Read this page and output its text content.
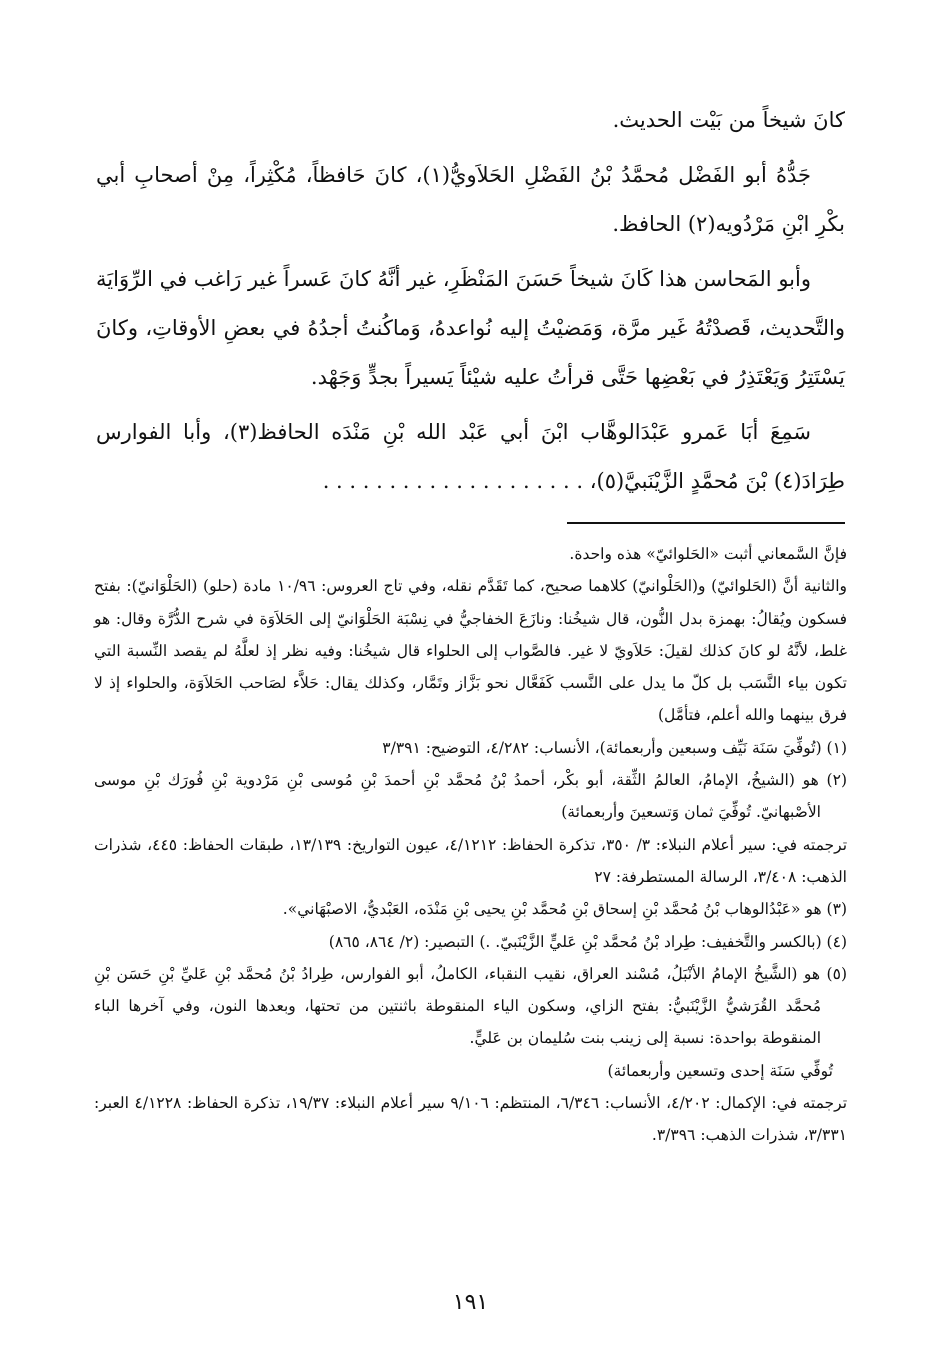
كانَ شيخاً من بَيْت الحديث.

جَدُّهُ أبو الفَضْل مُحمَّدُ بْنُ الفَضْلِ الحَلاَويُّ(١)، كانَ حَافظاً، مُكْثِراً، مِنْ أصحابِ أبي بكْرِ ابْنِ مَرْدُويه(٢) الحافظ.

وأبو المَحاسن هذا كَانَ شيخاً حَسَنَ المَنْظَرِ، غير أنَّهُ كانَ عَسراً غير رَاغب في الرِّوَايَة والتَّحديث، قَصدْتُهُ غَير مرَّة، وَمَضيْتُ إليه نُواعدهُ، وَماكُنتُ أجدُهُ في بعضِ الأوقاتِ، وكانَ يَسْتَتِرُ وَيَعْتَذِرُ في بَعْضِها حَتَّى قرأتُ عليه شيْئاً يَسيراً بجدٍّ وَجَهْد.

سَمِعَ أبَا عَمرو عَبْدَالوهَّاب ابْنَ أبي عَبْد الله بْنِ مَنْدَه الحافظ(٣)، وأبا الفوارس طِرَادَ(٤) بْنَ مُحمَّدٍ الزَّيْنَبيَّ(٥)، . . . . . . . . . . . . . . . . . . . .

فإنَّ السَّمعاني أثبت «الحَلوائيّ» هذه واحدة.

والثانية أنَّ (الحَلوائيّ) و(الحَلْوانيّ) كلاهما صحيح، كما تَقَدَّم نقله، وفي تاج العروس: ١٠/٩٦ مادة (حلو) (الحَلْوَانيّ): بفتح فسكون ويُقالُ: بهمزة بدل النُّون، قال شيخُنا: ونازَعَ الخفاجيُّ في نِسْبَة الحَلْوَانيّ إلى الحَلاَوَة في شرح الدُّرَّة وقال: هو غلط، لأنَّهُ لو كانَ كذلك لقيلَ: حَلاَويّ لا غير. فالصَّواب إلى الحلواء قال شيخُنا: وفيه نظر إذ لعلَّهُ لم يقصد النِّسبة التي تكون بياء النَّسَب بل كلّ ما يدل على النَّسب كَفَعَّال نحو بَزَّاز وتَمَّار، وكذلك يقال: حَلاَّء لصَاحب الحَلاَوَة، والحلواء إذ لا فرق بينهما والله أعلم، فتأمَّل)

(١) (تُوفِّيَ سَنَة نَيِّف وسبعين وأربعمائة)، الأنساب: ٤/٢٨٢، التوضيح: ٣/٣٩١

(٢) هو (الشيخُ، الإمامُ، العالمُ الثِّقة، أبو بكْر، أحمدُ بْنُ مُحمَّد بْنِ أحمدَ بْنِ مُوسى بْنِ مَرْدوية بْنِ فُورَك بْنِ موسى الأصْبهانيّ. تُوفِّيَ ثمان وَتسعينَ وأربعمائة)

ترجمته في: سير أعلام النبلاء: ٣/ ٣٥٠، تذكرة الحفاظ: ٤/١٢١٢، عيون التواريخ: ١٣/١٣٩، طبقات الحفاظ: ٤٤٥، شذرات الذهب: ٣/٤٠٨، الرسالة المستطرفة: ٢٧

(٣) هو «عَبْدُالوهاب بْنُ مُحمَّد بْنِ إسحاق بْنِ مُحمَّد بْنِ يحيى بْنِ مَنْدَه، العَبْديُّ، الاصبْهَاني».

(٤) (بالكسر والتَّخفيف: طِراد بْنُ مُحمَّد بْنِ عَليٍّ الزَّيْنَبيّ. .) التبصير: (٢/ ٨٦٤، ٨٦٥)

(٥) هو (الشَّيخُ الإمامُ الأنْبَلُ، مُسْند العراق، نقيب النقباء، الكاملُ، أبو الفوارس، طِرادُ بْنُ مُحمَّد بْنِ عَليِّ بْنِ حَسَن بْنِ مُحمَّد القُرَشيُّ الزَّيْنَبيُّ: بفتح الزاي، وسكون الياء المنقوطة باثنتين من تحتها، وبعدها النون، وفي آخرها الباء المنقوطة بواحدة: نسبة إلى زينب بنت سُليمان بن عَليٍّ.

تُوفِّي سَنَة إحدى وتسعين وأربعمائة)

ترجمته في: الإكمال: ٤/٢٠٢، الأنساب: ٦/٣٤٦، المنتظم: ٩/١٠٦ سير أعلام النبلاء: ١٩/٣٧، تذكرة الحفاظ: ٤/١٢٢٨ العبر: ٣/٣٣١، شذرات الذهب: ٣/٣٩٦.

١٩١
